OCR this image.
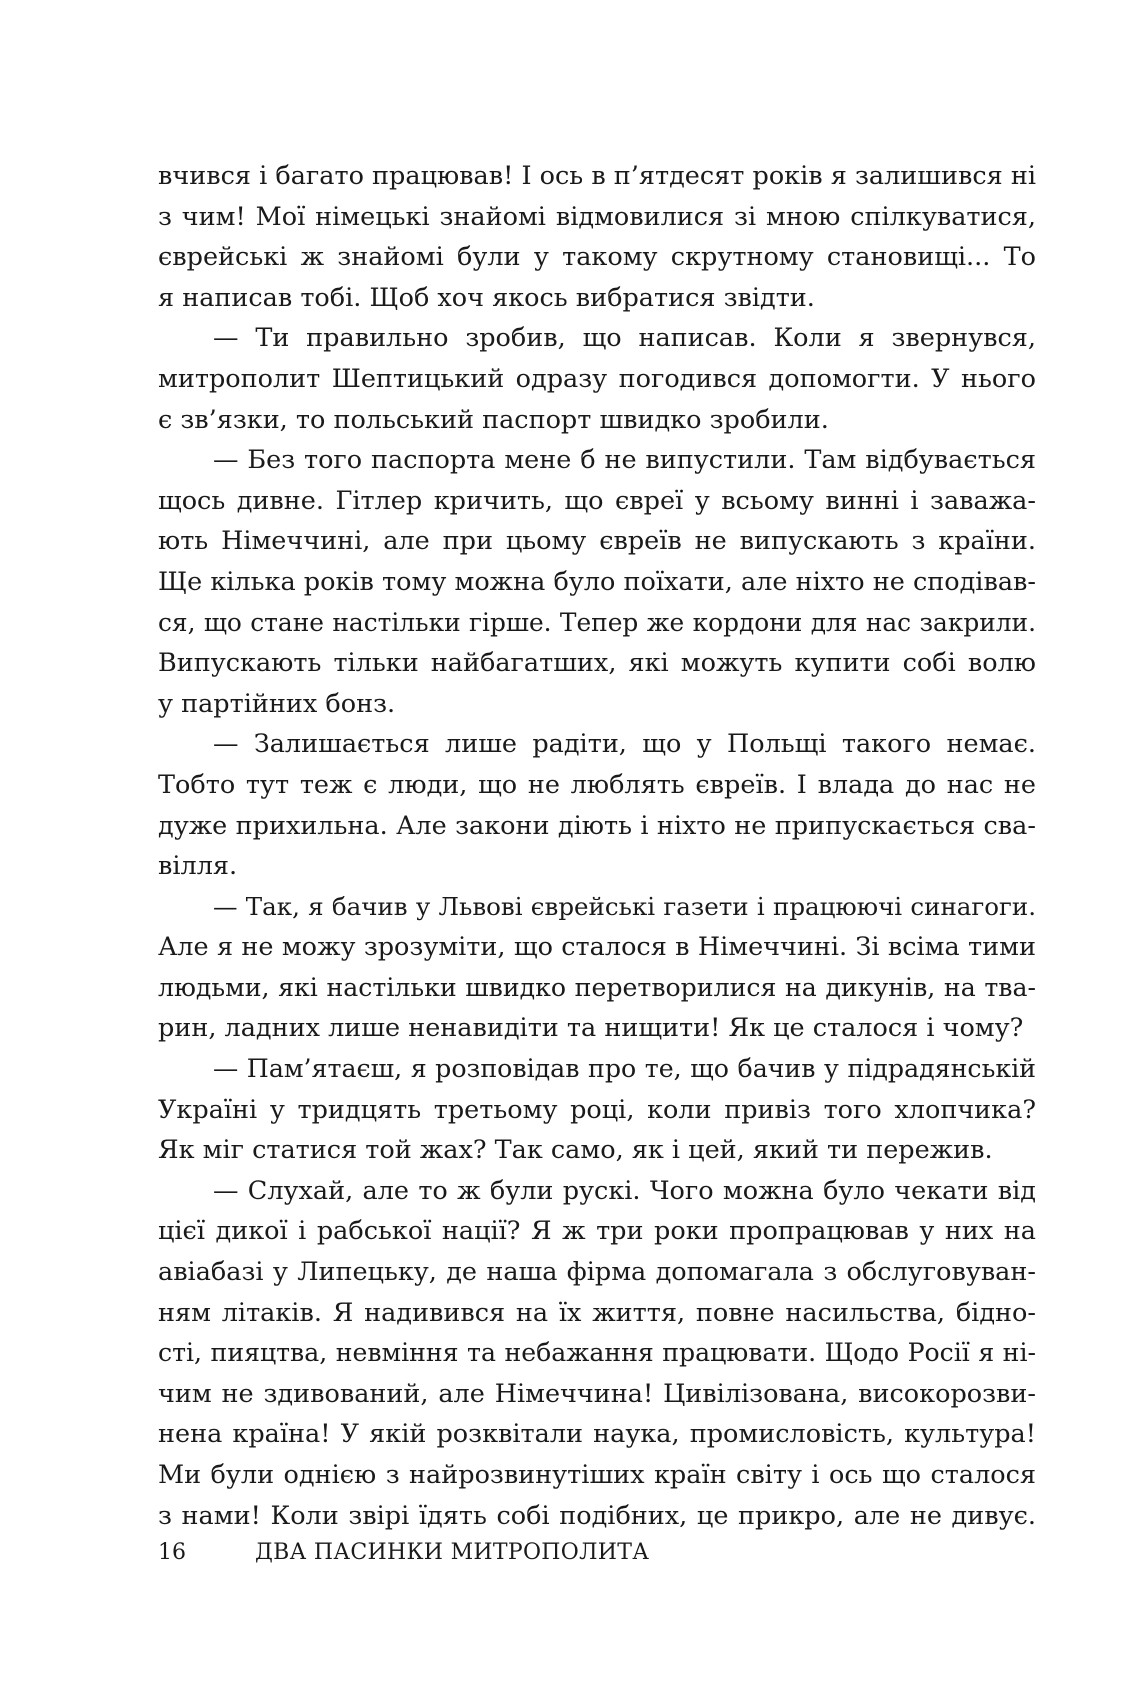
вчився і багато працював! І ось в п’ятдесят років я залишився ні
з чим! Мої німецькі знайомі відмовилися зі мною спілкуватися,
єврейські ж знайомі були у такому скрутному становищі... То
я написав тобі. Щоб хоч якось вибратися звідти.
— Ти правильно зробив, що написав. Коли я звернувся,
митрополит Шептицький одразу погодився допомогти. У нього
є зв’язки, то польський паспорт швидко зробили.
— Без того паспорта мене б не випустили. Там відбувається
щось дивне. Гітлер кричить, що євреї у всьому винні і заважа-
ють Німеччині, але при цьому євреїв не випускають з країни.
Ще кілька років тому можна було поїхати, але ніхто не сподівав-
ся, що стане настільки гірше. Тепер же кордони для нас закрили.
Випускають тільки найбагатших, які можуть купити собі волю
у партійних бонз.
— Залишається лише радіти, що у Польщі такого немає.
Тобто тут теж є люди, що не люблять євреїв. І влада до нас не
дуже прихильна. Але закони діють і ніхто не припускається сва-
вілля.
— Так, я бачив у Львові єврейські газети і працюючі синагоги.
Але я не можу зрозуміти, що сталося в Німеччині. Зі всіма тими
людьми, які настільки швидко перетворилися на дикунів, на тва-
рин, ладних лише ненавидіти та нищити! Як це сталося і чому?
— Пам’ятаєш, я розповідав про те, що бачив у підрадянській
Україні у тридцять третьому році, коли привіз того хлопчика?
Як міг статися той жах? Так само, як і цей, який ти пережив.
— Слухай, але то ж були рускі. Чого можна було чекати від
цієї дикої і рабської нації? Я ж три роки пропрацював у них на
авіабазі у Липецьку, де наша фірма допомагала з обслуговуван-
ням літаків. Я надивився на їх життя, повне насильства, бідно-
сті, пияцтва, невміння та небажання працювати. Щодо Росії я ні-
чим не здивований, але Німеччина! Цивілізована, високорозви-
нена країна! У якій розквітали наука, промисловість, культура!
Ми були однією з найрозвинутіших країн світу і ось що сталося
з нами! Коли звірі їдять собі подібних, це прикро, але не дивує.
16	ДВА ПАСИНКИ МИТРОПОЛИТА
